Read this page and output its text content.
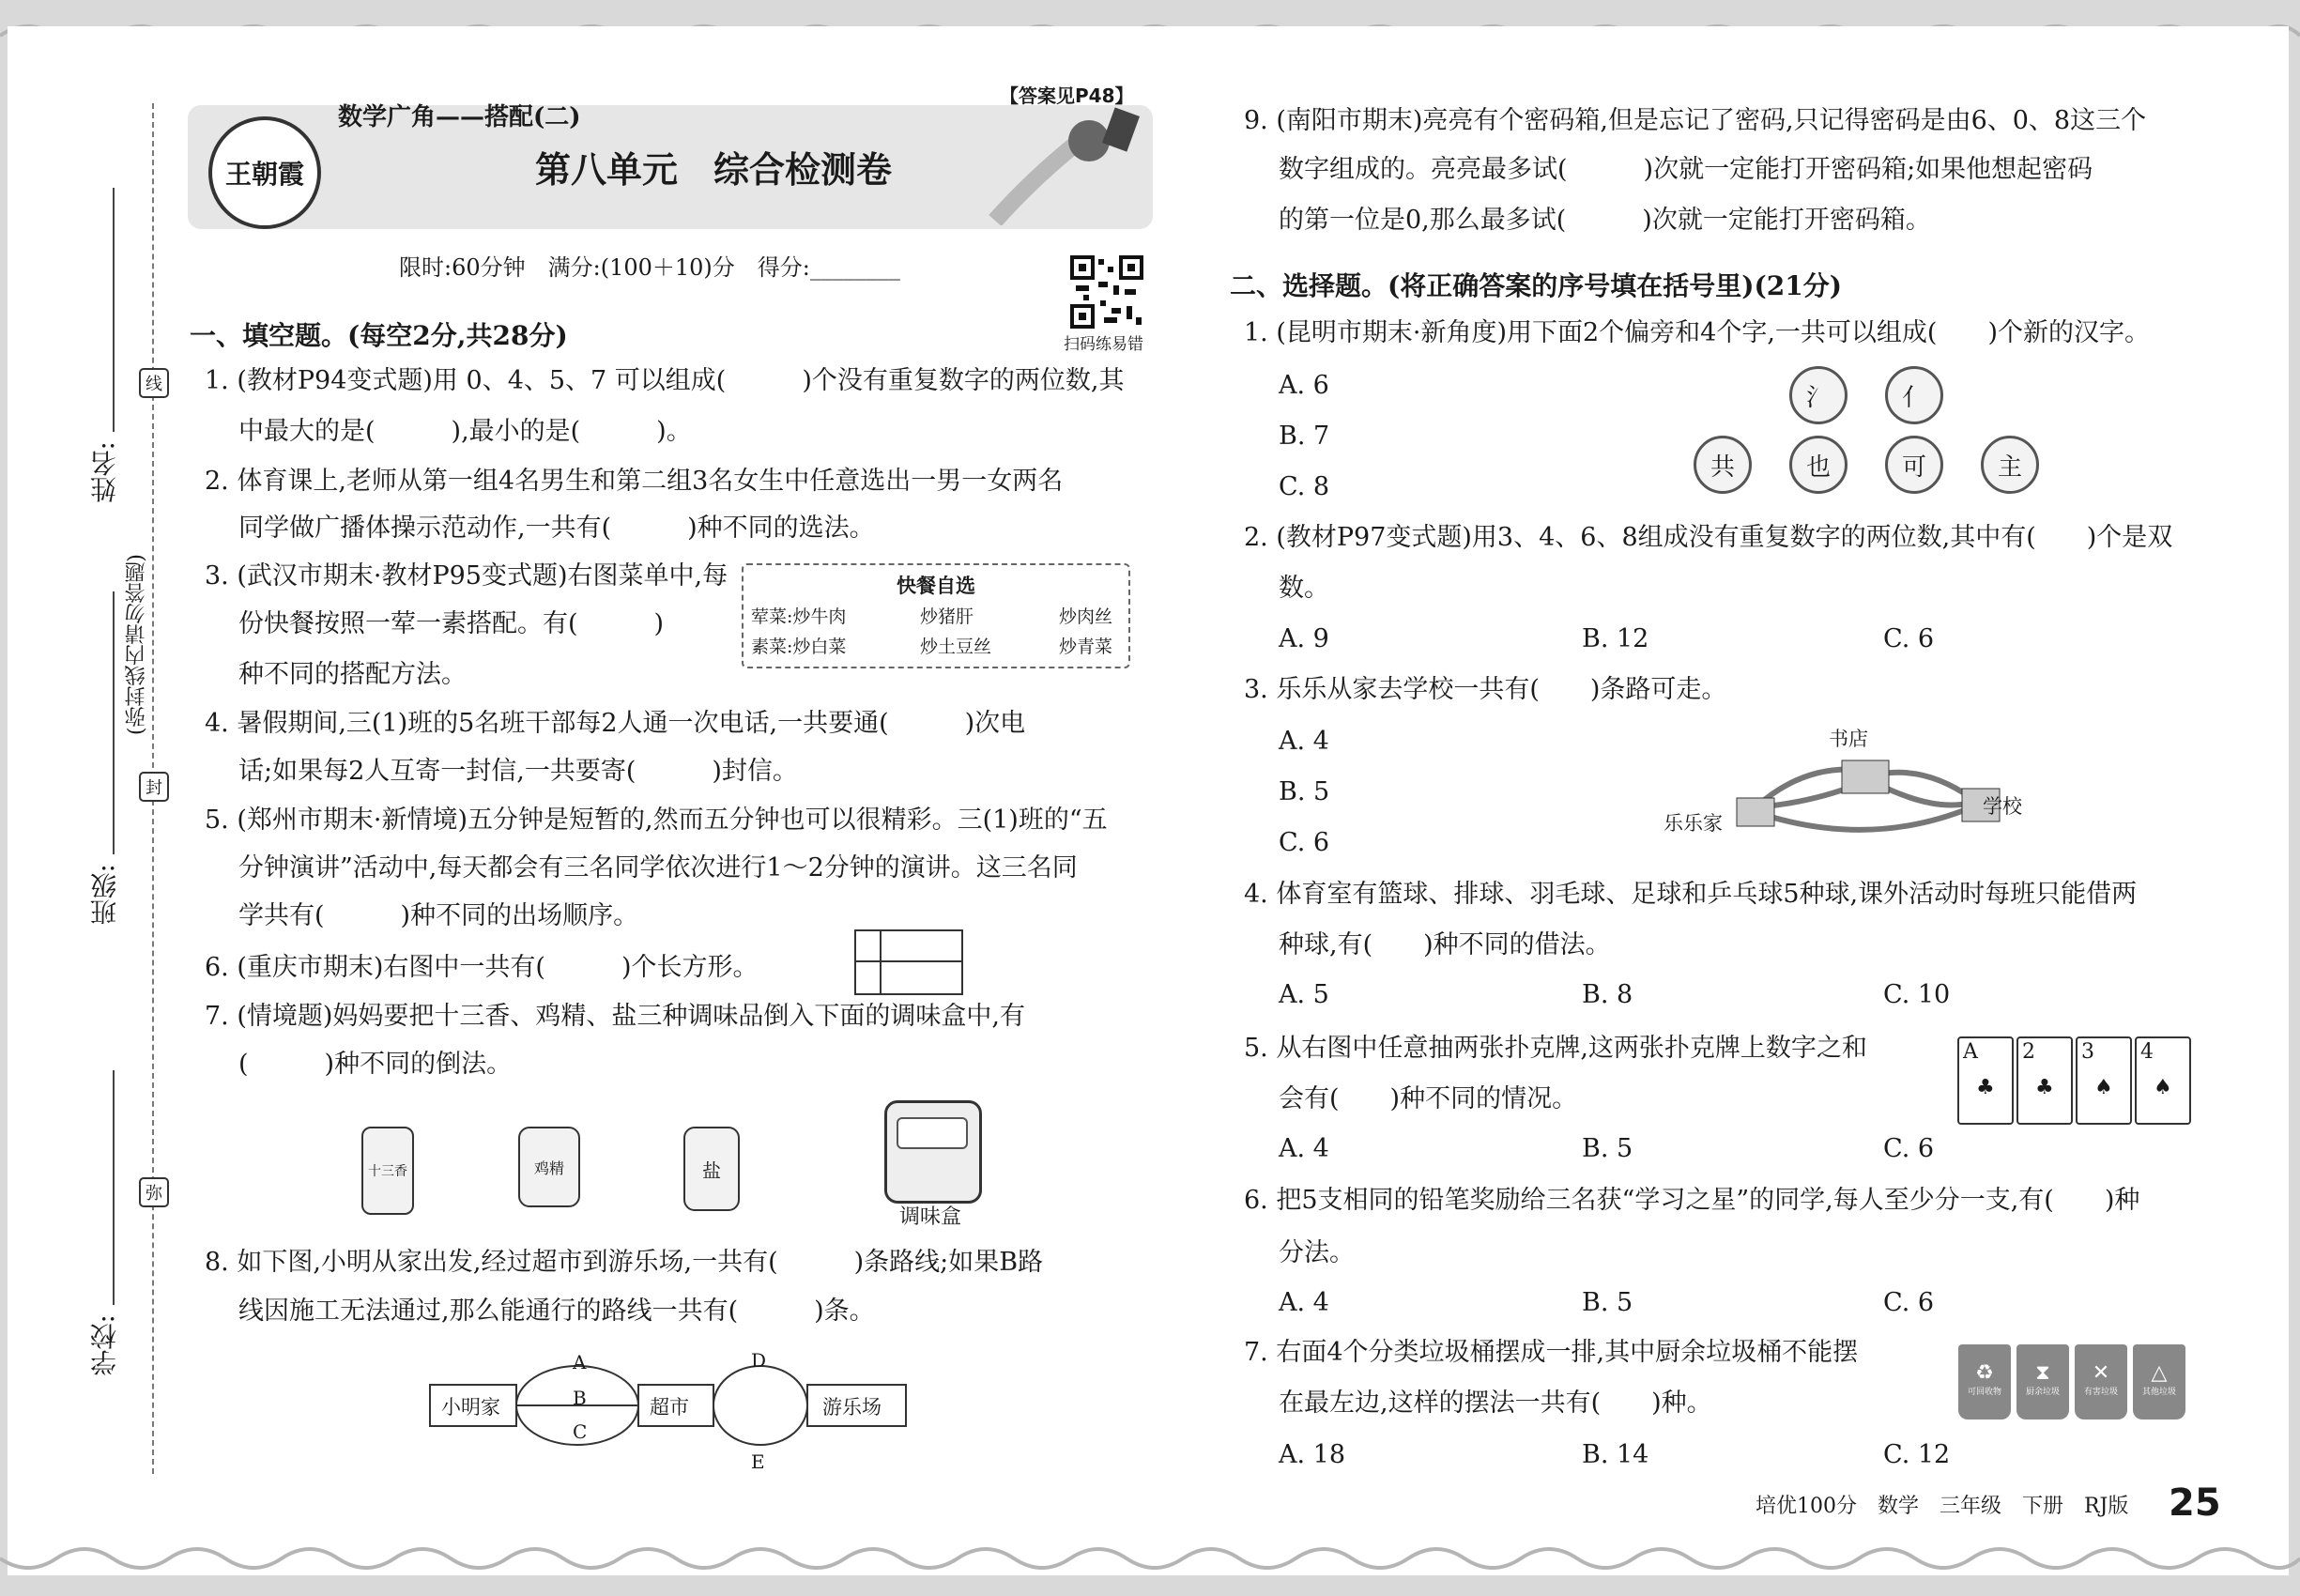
姓名:
(弥封线内请勿答题)
班级:
学校:
线
封
弥
王朝霞
数学广角——搭配(二)
【答案见P48】
第八单元　综合检测卷
限时:60分钟　满分:(100＋10)分　得分:________
扫码练易错
一、填空题。(每空2分,共28分)
1. (教材P94变式题)用 0、4、5、7 可以组成(　　　)个没有重复数字的两位数,其
中最大的是(　　　),最小的是(　　　)。
2. 体育课上,老师从第一组4名男生和第二组3名女生中任意选出一男一女两名
同学做广播体操示范动作,一共有(　　　)种不同的选法。
3. (武汉市期末·教材P95变式题)右图菜单中,每
份快餐按照一荤一素搭配。有(　　　)
种不同的搭配方法。
快餐自选
荤菜:炒牛肉	炒猪肝	炒肉丝
素菜:炒白菜	炒土豆丝	炒青菜
4. 暑假期间,三(1)班的5名班干部每2人通一次电话,一共要通(　　　)次电
话;如果每2人互寄一封信,一共要寄(　　　)封信。
5. (郑州市期末·新情境)五分钟是短暂的,然而五分钟也可以很精彩。三(1)班的“五
分钟演讲”活动中,每天都会有三名同学依次进行1～2分钟的演讲。这三名同
学共有(　　　)种不同的出场顺序。
6. (重庆市期末)右图中一共有(　　　)个长方形。
7. (情境题)妈妈要把十三香、鸡精、盐三种调味品倒入下面的调味盒中,有
(　　　)种不同的倒法。
十三香	鸡精	盐
调味盒
8. 如下图,小明从家出发,经过超市到游乐场,一共有(　　　)条路线;如果B路
线因施工无法通过,那么能通行的路线一共有(　　　)条。
小明家	超市	游乐场
A
B
C
D
E
9. (南阳市期末)亮亮有个密码箱,但是忘记了密码,只记得密码是由6、0、8这三个
数字组成的。亮亮最多试(　　　)次就一定能打开密码箱;如果他想起密码
的第一位是0,那么最多试(　　　)次就一定能打开密码箱。
二、选择题。(将正确答案的序号填在括号里)(21分)
1. (昆明市期末·新角度)用下面2个偏旁和4个字,一共可以组成(　　)个新的汉字。
A. 6
B. 7
C. 8
氵	亻
共	也	可	主
2. (教材P97变式题)用3、4、6、8组成没有重复数字的两位数,其中有(　　)个是双
数。
A. 9	B. 12	C. 6
3. 乐乐从家去学校一共有(　　)条路可走。
A. 4
B. 5
C. 6
书店
乐乐家
学校
4. 体育室有篮球、排球、羽毛球、足球和乒乓球5种球,课外活动时每班只能借两
种球,有(　　)种不同的借法。
A. 5	B. 8	C. 10
5. 从右图中任意抽两张扑克牌,这两张扑克牌上数字之和
会有(　　)种不同的情况。
A
♣
2
♣
3
♠
4
♠
A. 4	B. 5	C. 6
6. 把5支相同的铅笔奖励给三名获“学习之星”的同学,每人至少分一支,有(　　)种
分法。
A. 4	B. 5	C. 6
7. 右面4个分类垃圾桶摆成一排,其中厨余垃圾桶不能摆
在最左边,这样的摆法一共有(　　)种。
♻
可回收物
⧗
厨余垃圾
✕
有害垃圾
△
其他垃圾
A. 18	B. 14	C. 12
培优100分　数学　三年级　下册　RJ版 25
